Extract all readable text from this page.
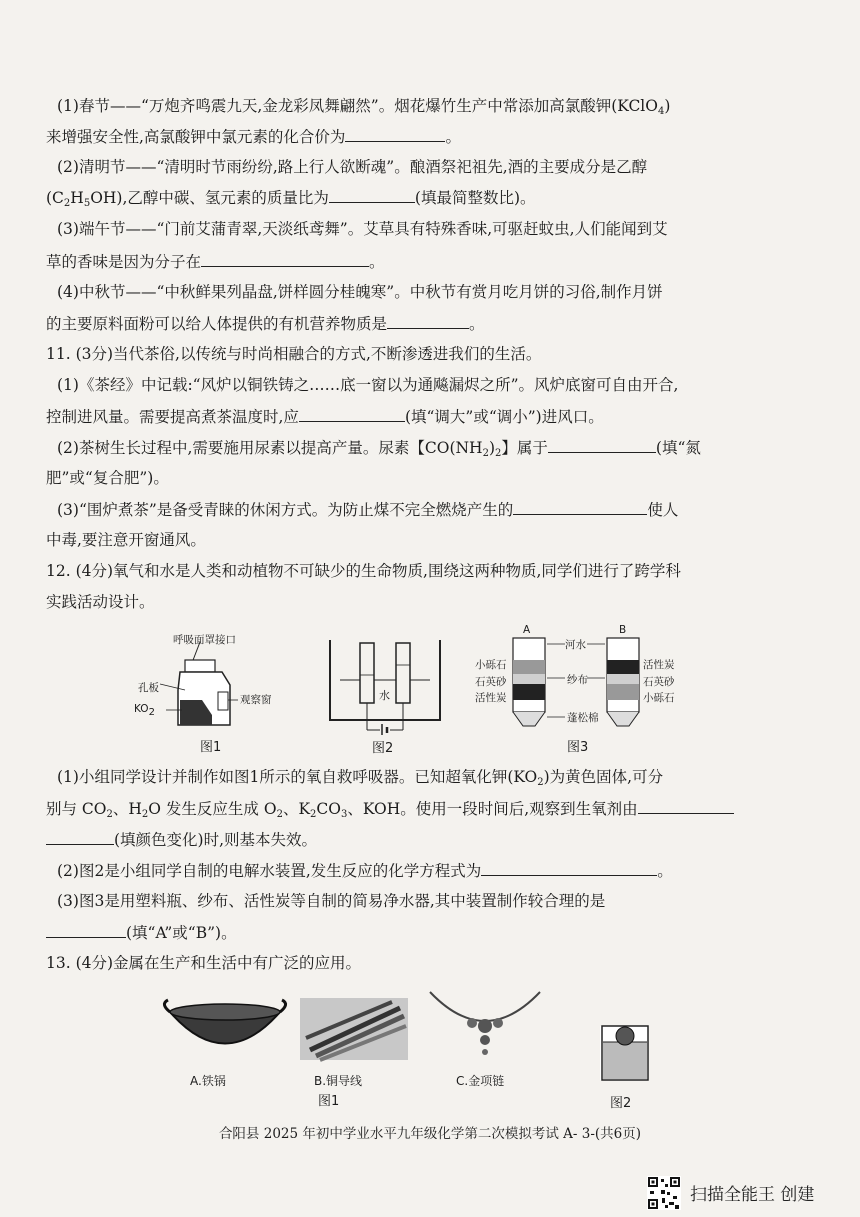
(1)春节——“万炮齐鸣震九天,金龙彩凤舞翩然”。烟花爆竹生产中常添加高氯酸钾(KClO$_4$)
来增强安全性,高氯酸钾中氯元素的化合价为	。
(2)清明节——“清明时节雨纷纷,路上行人欲断魂”。酿酒祭祀祖先,酒的主要成分是乙醇
$(C_2H_5OH)$,乙醇中碳、氢元素的质量比为	(填最简整数比)。
(3)端午节——“门前艾蒲青翠,天淡纸鸢舞”。艾草具有特殊香味,可驱赶蚊虫,人们能闻到艾
草的香味是因为分子在	。
(4)中秋节——“中秋鲜果列晶盘,饼样圆分桂魄寒”。中秋节有赏月吃月饼的习俗,制作月饼
的主要原料面粉可以给人体提供的有机营养物质是	。
11. (3分)当代茶俗,以传统与时尚相融合的方式,不断渗透进我们的生活。
(1)《茶经》中记载:“风炉以铜铁铸之……底一窗以为通飚漏烬之所”。风炉底窗可自由开合,
控制进风量。需要提高煮茶温度时,应	(填“调大”或“调小”)进风口。
(2)茶树生长过程中,需要施用尿素以提高产量。尿素【$CO(NH_2)_2$】属于	(填“氮
肥”或“复合肥”)。
(3)“围炉煮茶”是备受青睐的休闲方式。为防止煤不完全燃烧产生的	使人
中毒,要注意开窗通风。
12. (4分)氧气和水是人类和动植物不可缺少的生命物质,围绕这两种物质,同学们进行了跨学科
实践活动设计。
呼吸面罩接口
孔板
$KO_2$
观察窗
图1
水
图2
A	B
河水
小砾石
石英砂
活性炭
纱布
活性炭
石英砂
小砾石
蓬松棉
图3
(1)小组同学设计并制作如图1所示的氧自救呼吸器。已知超氧化钾$(KO_2)$为黄色固体,可分
别与 $CO_2$、$H_2O$ 发生反应生成 $O_2$、$K_2CO_3$、KOH。使用一段时间后,观察到生氧剂由
(填颜色变化)时,则基本失效。
(2)图2是小组同学自制的电解水装置,发生反应的化学方程式为	。
(3)图3是用塑料瓶、纱布、活性炭等自制的简易净水器,其中装置制作较合理的是
(填“A”或“B”)。
13. (4分)金属在生产和生活中有广泛的应用。
A.铁锅	B.铜导线	C.金项链
图1	图2
合阳县 2025 年初中学业水平九年级化学第二次模拟考试 A- 3-(共6页)
扫描全能王 创建
